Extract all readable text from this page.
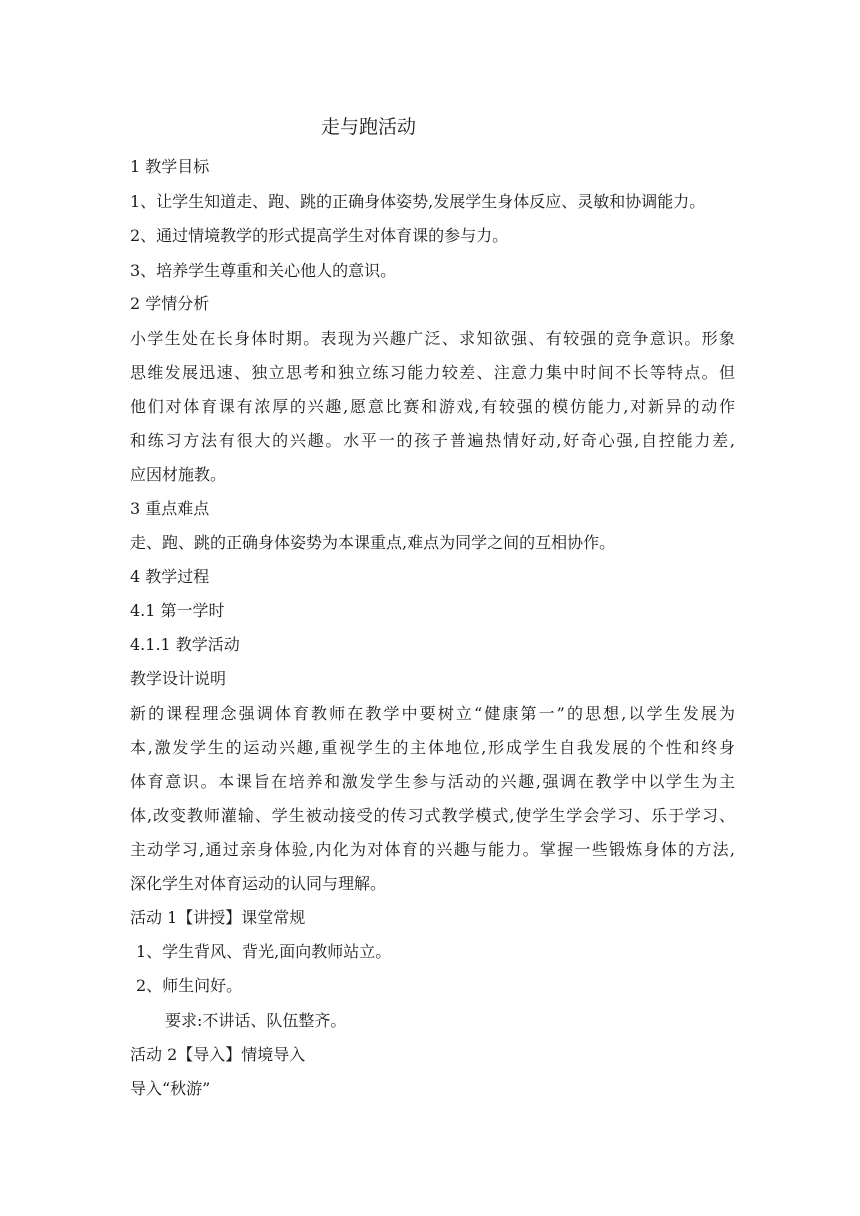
走与跑活动
1 教学目标
1、让学生知道走、跑、跳的正确身体姿势,发展学生身体反应、灵敏和协调能力。
2、通过情境教学的形式提高学生对体育课的参与力。
3、培养学生尊重和关心他人的意识。
2 学情分析
小学生处在长身体时期。表现为兴趣广泛、求知欲强、有较强的竞争意识。形象
思维发展迅速、独立思考和独立练习能力较差、注意力集中时间不长等特点。但
他们对体育课有浓厚的兴趣,愿意比赛和游戏,有较强的模仿能力,对新异的动作
和练习方法有很大的兴趣。水平一的孩子普遍热情好动,好奇心强,自控能力差,
应因材施教。
3 重点难点
走、跑、跳的正确身体姿势为本课重点,难点为同学之间的互相协作。
4 教学过程
4.1 第一学时
4.1.1 教学活动
教学设计说明
新的课程理念强调体育教师在教学中要树立“健康第一”的思想,以学生发展为
本,激发学生的运动兴趣,重视学生的主体地位,形成学生自我发展的个性和终身
体育意识。本课旨在培养和激发学生参与活动的兴趣,强调在教学中以学生为主
体,改变教师灌输、学生被动接受的传习式教学模式,使学生学会学习、乐于学习、
主动学习,通过亲身体验,内化为对体育的兴趣与能力。掌握一些锻炼身体的方法,
深化学生对体育运动的认同与理解。
活动 1【讲授】课堂常规
1、学生背风、背光,面向教师站立。
2、师生问好。
要求:不讲话、队伍整齐。
活动 2【导入】情境导入
导入“秋游”
